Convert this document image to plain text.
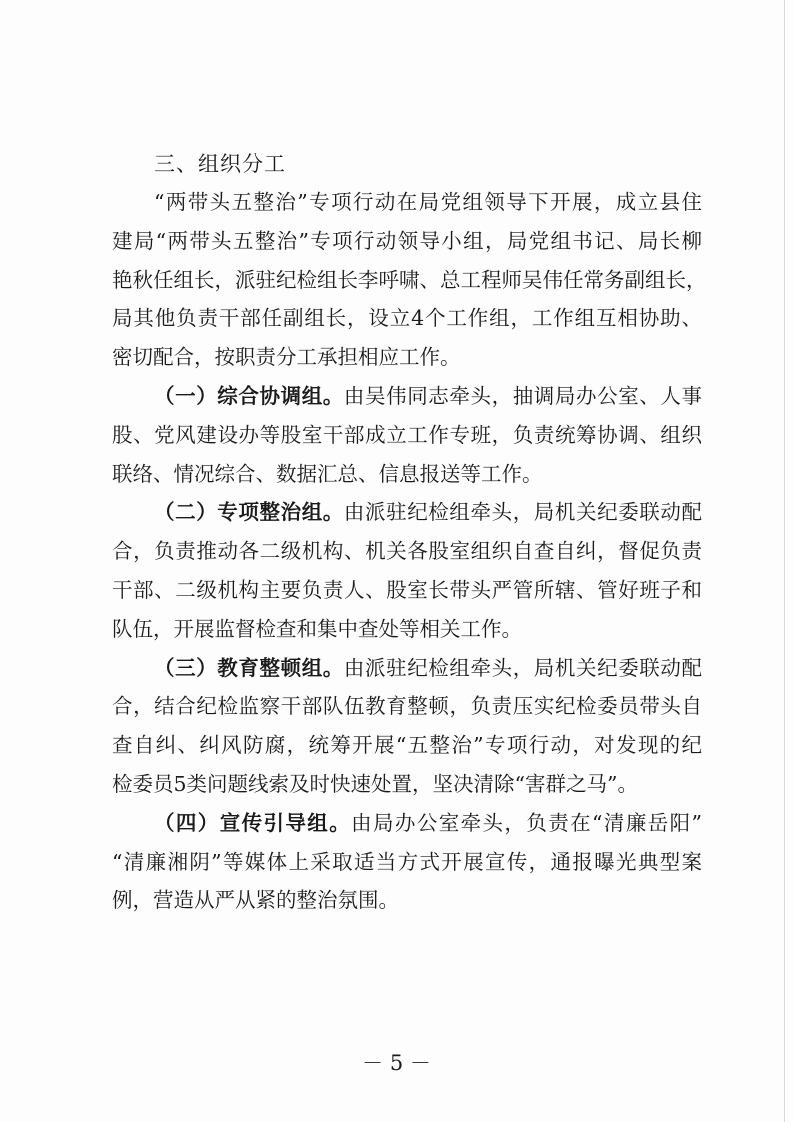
三、组织分工
“两带头五整治”专项行动在局党组领导下开展，成立县住
建局“两带头五整治”专项行动领导小组，局党组书记、局长柳
艳秋任组长，派驻纪检组长李呼啸、总工程师吴伟任常务副组长，
局其他负责干部任副组长，设立4个工作组，工作组互相协助、
密切配合，按职责分工承担相应工作。
（一）综合协调组。由吴伟同志牵头，抽调局办公室、人事
股、党风建设办等股室干部成立工作专班，负责统筹协调、组织
联络、情况综合、数据汇总、信息报送等工作。
（二）专项整治组。由派驻纪检组牵头，局机关纪委联动配
合，负责推动各二级机构、机关各股室组织自查自纠，督促负责
干部、二级机构主要负责人、股室长带头严管所辖、管好班子和
队伍，开展监督检查和集中查处等相关工作。
（三）教育整顿组。由派驻纪检组牵头，局机关纪委联动配
合，结合纪检监察干部队伍教育整顿，负责压实纪检委员带头自
查自纠、纠风防腐，统筹开展“五整治”专项行动，对发现的纪
检委员5类问题线索及时快速处置，坚决清除“害群之马”。
（四）宣传引导组。由局办公室牵头，负责在“清廉岳阳”
“清廉湘阴”等媒体上采取适当方式开展宣传，通报曝光典型案
例，营造从严从紧的整治氛围。
－ 5 －
